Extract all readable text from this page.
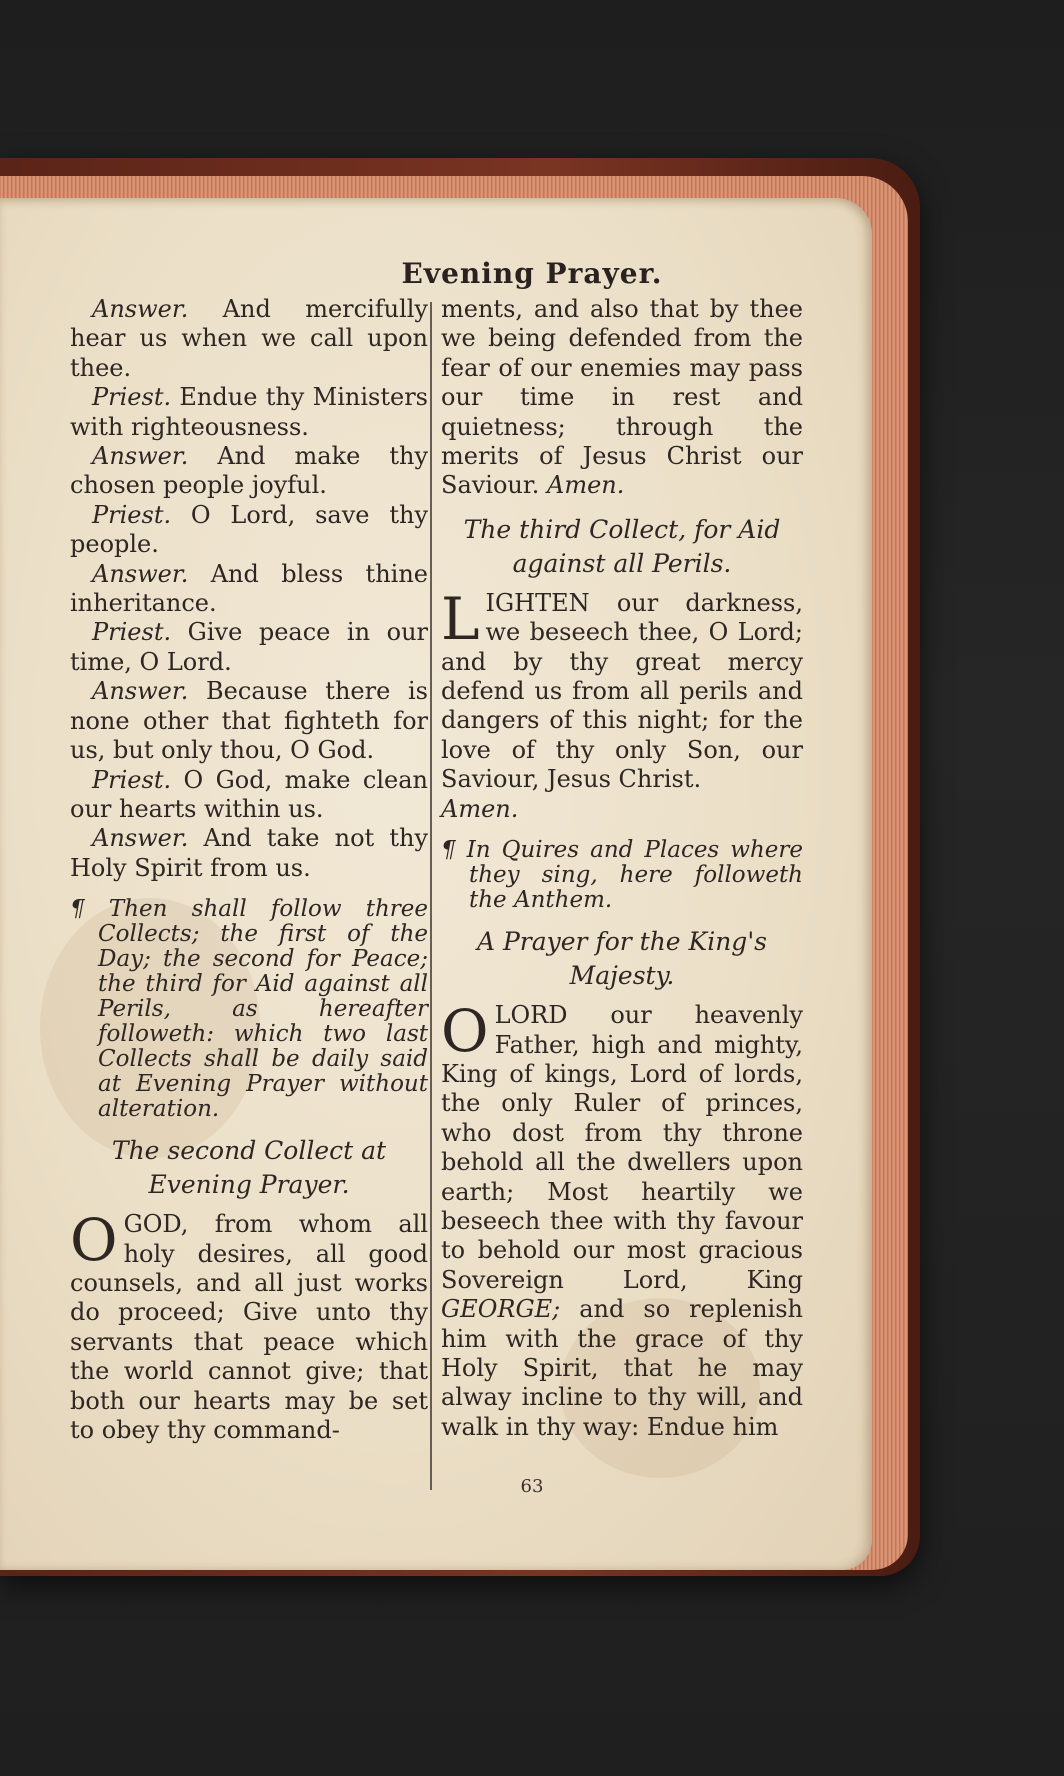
Evening Prayer.

Answer. And mercifully hear us when we call upon thee.

Priest. Endue thy Ministers with righteousness.

Answer. And make thy chosen people joyful.

Priest. O Lord, save thy people.

Answer. And bless thine inheritance.

Priest. Give peace in our time, O Lord.

Answer. Because there is none other that fighteth for us, but only thou, O God.

Priest. O God, make clean our hearts within us.

Answer. And take not thy Holy Spirit from us.

¶ Then shall follow three Collects; the first of the Day; the second for Peace; the third for Aid against all Perils, as hereafter followeth: which two last Collects shall be daily said at Evening Prayer without alteration.

The second Collect at Evening Prayer.

O GOD, from whom all holy desires, all good counsels, and all just works do proceed; Give unto thy servants that peace which the world cannot give; that both our hearts may be set to obey thy command-

ments, and also that by thee we being defended from the fear of our enemies may pass our time in rest and quietness; through the merits of Jesus Christ our Saviour. Amen.

The third Collect, for Aid against all Perils.

LIGHTEN our darkness, we beseech thee, O Lord; and by thy great mercy defend us from all perils and dangers of this night; for the love of thy only Son, our Saviour, Jesus Christ.
Amen.

¶ In Quires and Places where they sing, here followeth the Anthem.

A Prayer for the King's Majesty.

O LORD our heavenly Father, high and mighty, King of kings, Lord of lords, the only Ruler of princes, who dost from thy throne behold all the dwellers upon earth; Most heartily we beseech thee with thy favour to behold our most gracious Sovereign Lord, King GEORGE; and so replenish him with the grace of thy Holy Spirit, that he may alway incline to thy will, and walk in thy way: Endue him

63
